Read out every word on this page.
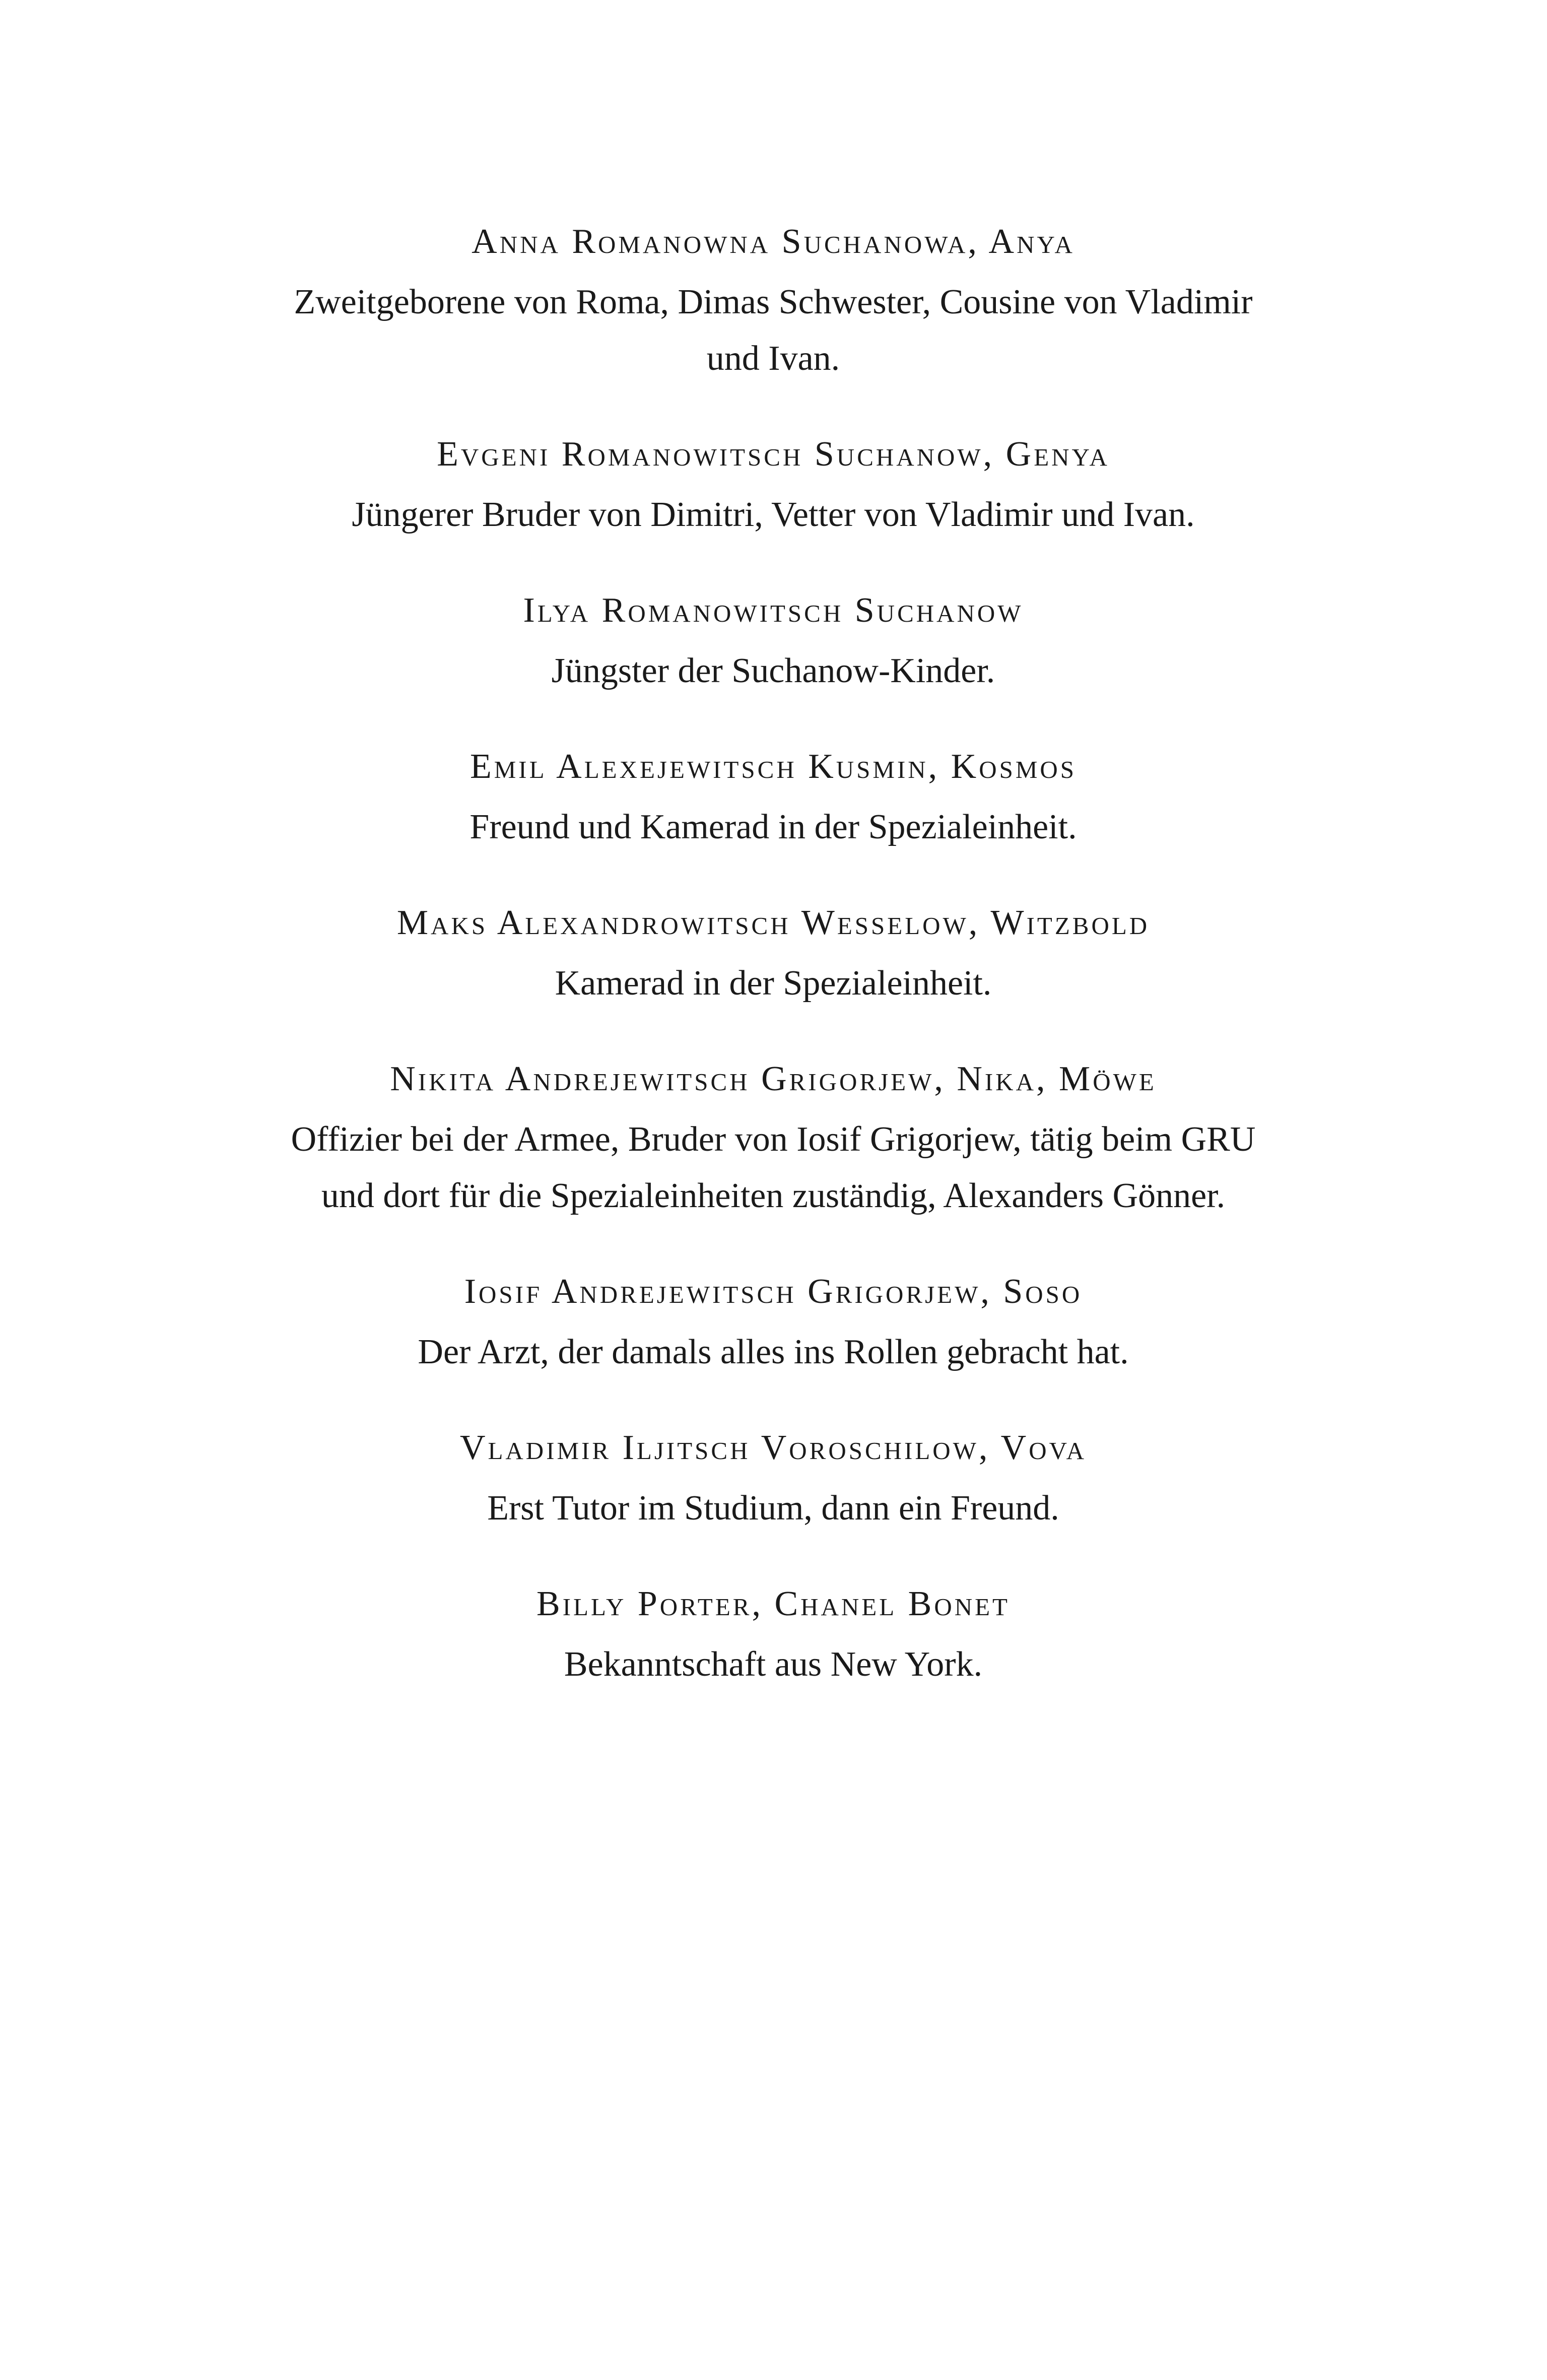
Anna Romanowna Suchanowa, Anya

Zweitgeborene von Roma, Dimas Schwester, Cousine von Vladimir und Ivan.

Evgeni Romanowitsch Suchanow, Genya

Jüngerer Bruder von Dimitri, Vetter von Vladimir und Ivan.

Ilya Romanowitsch Suchanow

Jüngster der Suchanow-Kinder.

Emil Alexejewitsch Kusmin, Kosmos

Freund und Kamerad in der Spezialeinheit.

Maks Alexandrowitsch Wesselow, Witzbold

Kamerad in der Spezialeinheit.

Nikita Andrejewitsch Grigorjew, Nika, Möwe

Offizier bei der Armee, Bruder von Iosif Grigorjew, tätig beim GRU und dort für die Spezialeinheiten zuständig, Alexanders Gönner.

Iosif Andrejewitsch Grigorjew, Soso

Der Arzt, der damals alles ins Rollen gebracht hat.

Vladimir Iljitsch Voroschilow, Vova

Erst Tutor im Studium, dann ein Freund.

Billy Porter, Chanel Bonet

Bekanntschaft aus New York.
